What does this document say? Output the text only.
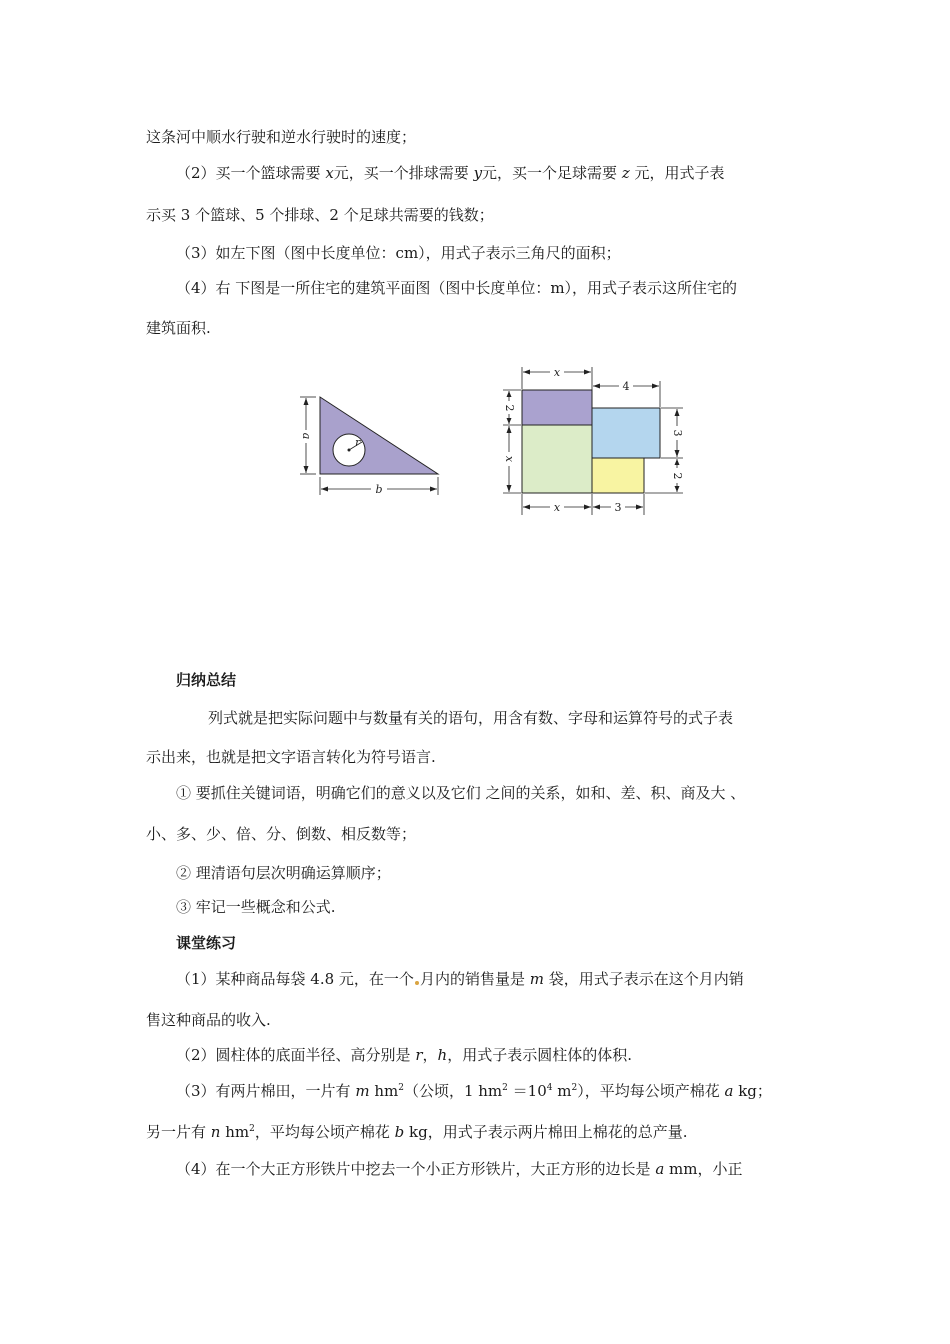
这条河中顺水行驶和逆水行驶时的速度；

（2）买一个篮球需要 x元，买一个排球需要 y元，买一个足球需要 z 元，用式子表

示买 3 个篮球、5 个排球、2 个足球共需要的钱数；

（3）如左下图（图中长度单位：cm），用式子表示三角尺的面积；

（4）右 下图是一所住宅的建筑平面图（图中长度单位：m），用式子表示这所住宅的

建筑面积.

r
a
b
x
4
2
x
3
2
x	3

归纳总结

列式就是把实际问题中与数量有关的语句，用含有数、字母和运算符号的式子表

示出来，也就是把文字语言转化为符号语言.

① 要抓住关键词语，明确它们的意义以及它们 之间的关系，如和、差、积、商及大 、

小、多、少、倍、分、倒数、相反数等；

② 理清语句层次明确运算顺序；

③ 牢记一些概念和公式.

课堂练习

（1）某种商品每袋 4.8 元，在一个 月内的销售量是 m 袋，用式子表示在这个月内销

售这种商品的收入.

（2）圆柱体的底面半径、高分别是 r，h，用式子表示圆柱体的体积.

（3）有两片棉田，一片有 m $hm^2$（公顷，1 $hm^2 =10^4$ $m^2$），平均每公顷产棉花 a kg；

另一片有 n $hm^2$，平均每公顷产棉花 b kg，用式子表示两片棉田上棉花的总产量.

（4）在一个大正方形铁片中挖去一个小正方形铁片，大正方形的边长是 a mm，小正
